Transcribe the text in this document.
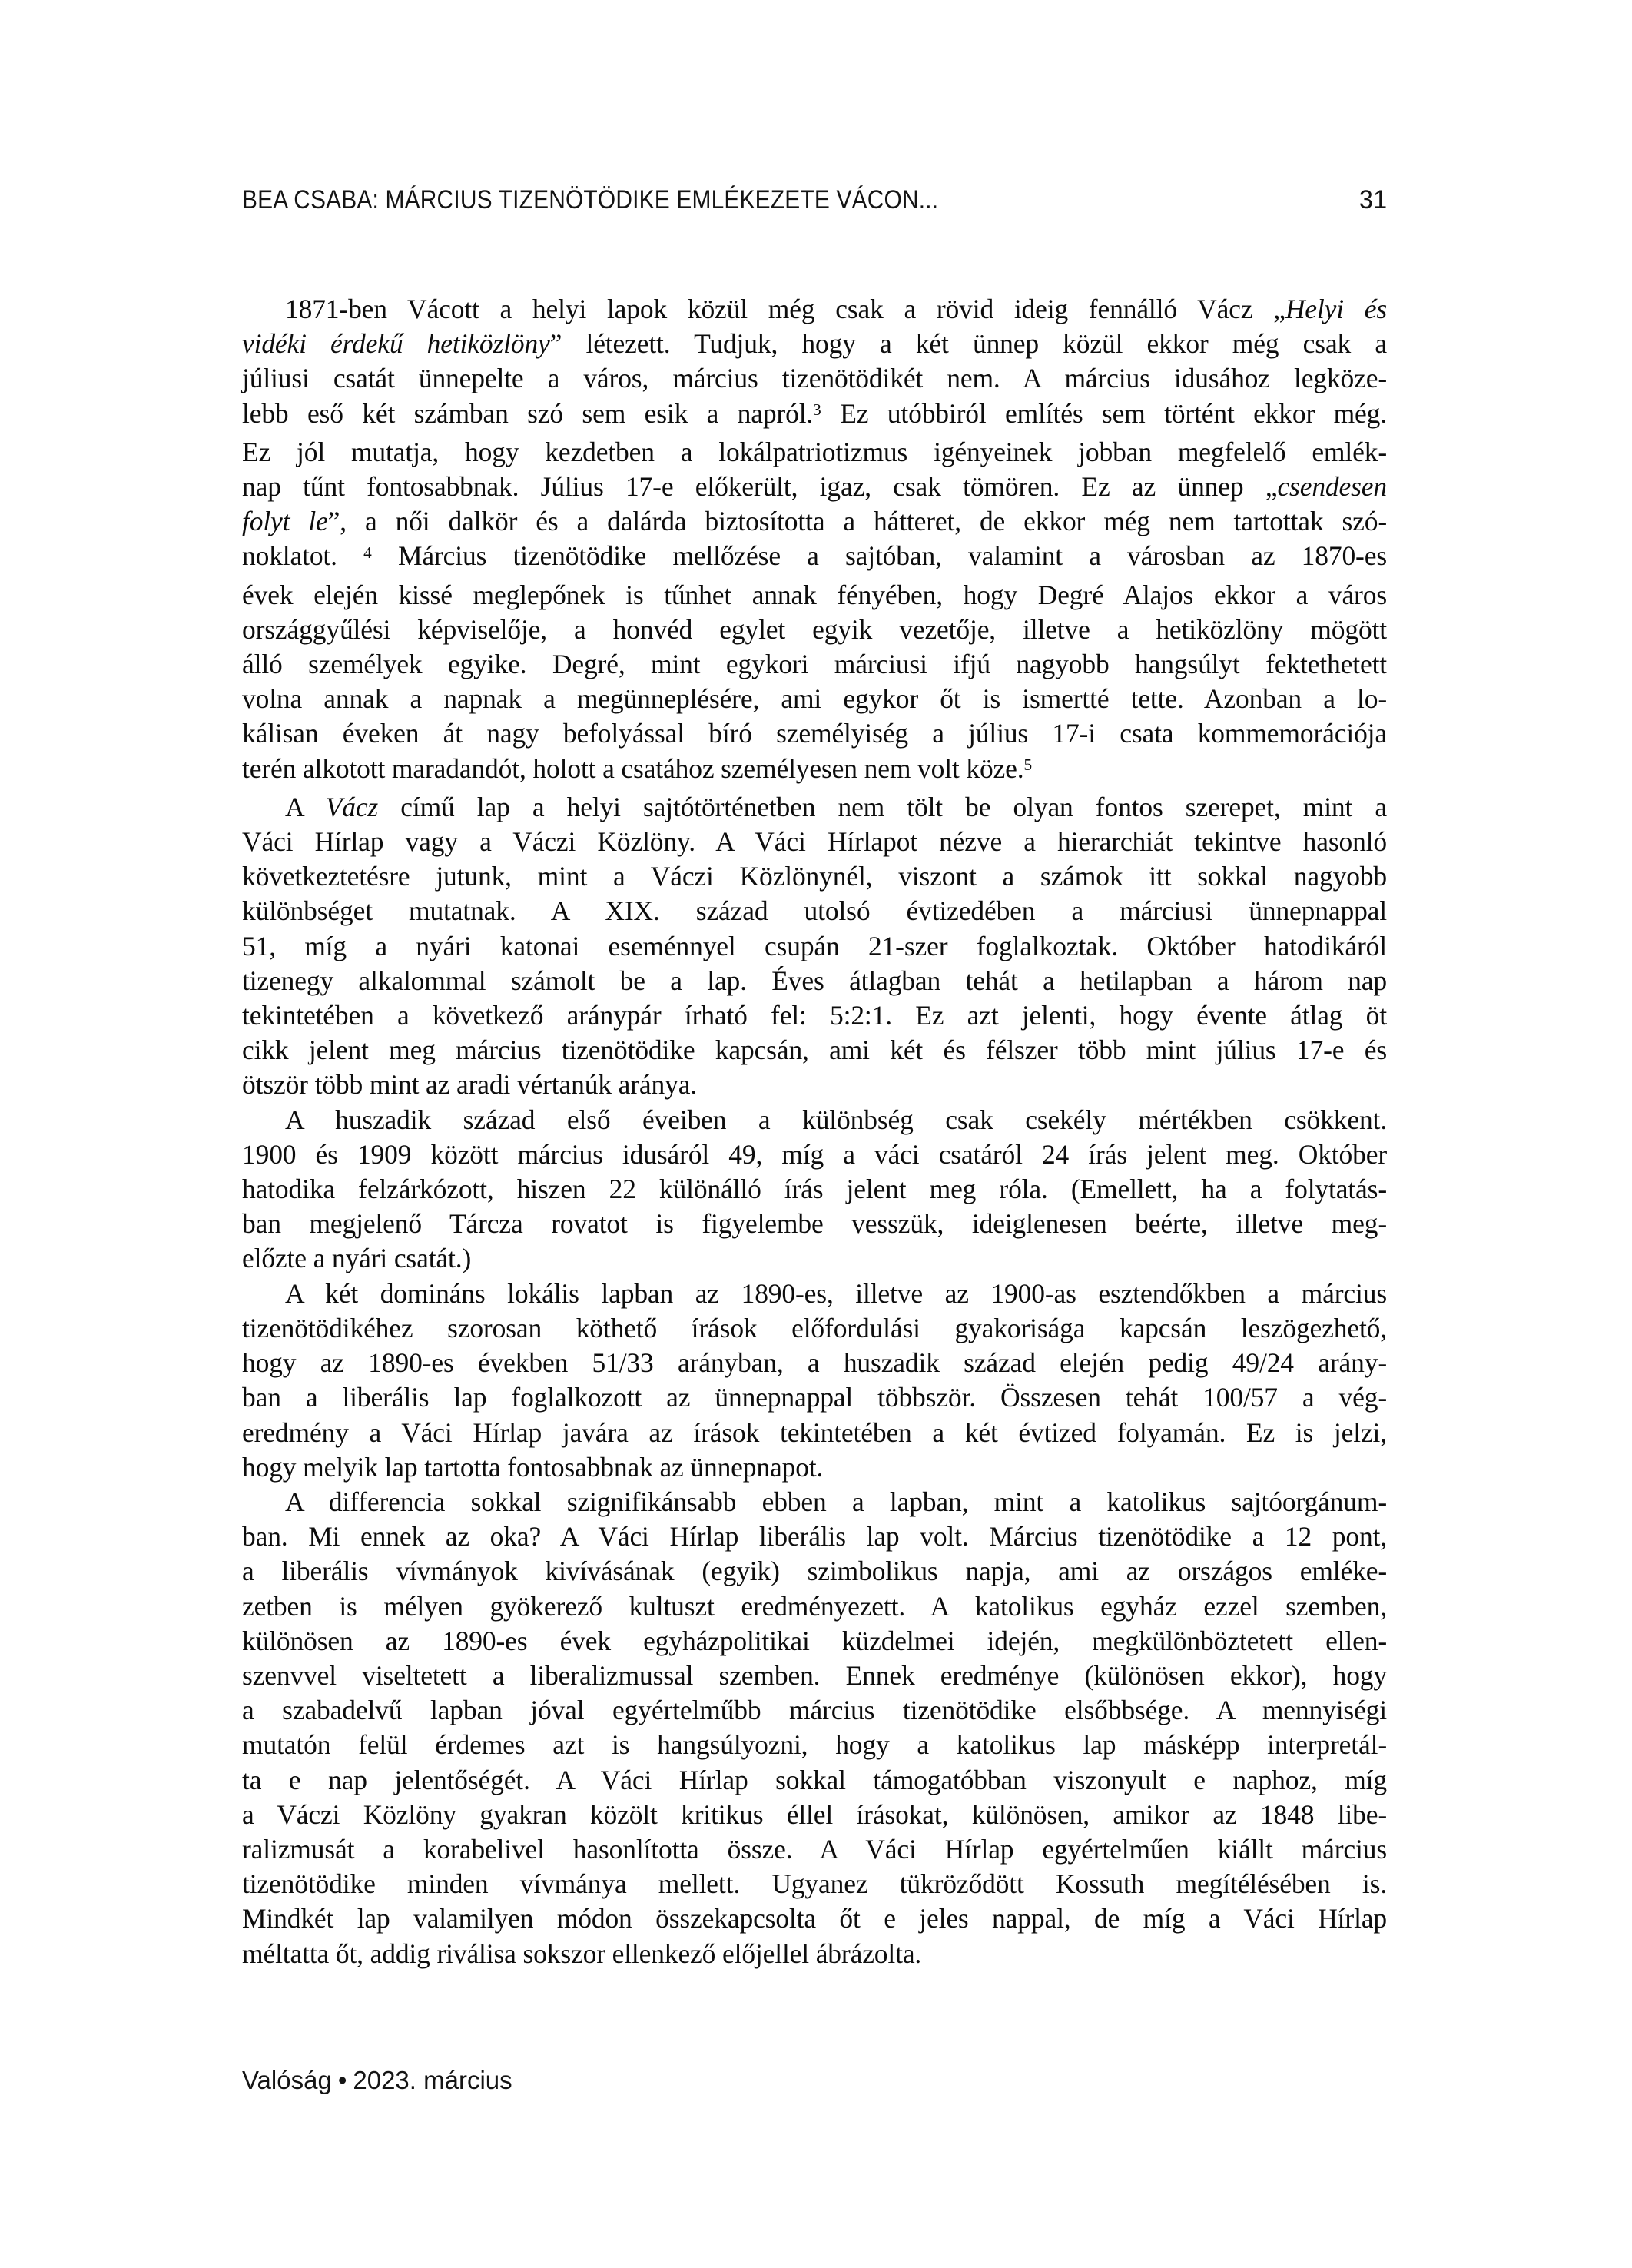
BEA CSABA: MÁRCIUS TIZENÖTÖDIKE EMLÉKEZETE VÁCON...	31
1871-ben Vácott a helyi lapok közül még csak a rövid ideig fennálló Vácz „Helyi és
vidéki érdekű hetiközlöny” létezett. Tudjuk, hogy a két ünnep közül ekkor még csak a
júliusi csatát ünnepelte a város, március tizenötödikét nem. A március idusához legköze-
lebb eső két számban szó sem esik a napról.$^3$ Ez utóbbiról említés sem történt ekkor még.
Ez jól mutatja, hogy kezdetben a lokálpatriotizmus igényeinek jobban megfelelő emlék-
nap tűnt fontosabbnak. Július 17-e előkerült, igaz, csak tömören. Ez az ünnep „csendesen
folyt le”, a női dalkör és a dalárda biztosította a hátteret, de ekkor még nem tartottak szó-
noklatot. $^4$ Március tizenötödike mellőzése a sajtóban, valamint a városban az 1870-es
évek elején kissé meglepőnek is tűnhet annak fényében, hogy Degré Alajos ekkor a város
országgyűlési képviselője, a honvéd egylet egyik vezetője, illetve a hetiközlöny mögött
álló személyek egyike. Degré, mint egykori márciusi ifjú nagyobb hangsúlyt fektethetett
volna annak a napnak a megünneplésére, ami egykor őt is ismertté tette. Azonban a lo-
kálisan éveken át nagy befolyással bíró személyiség a július 17-i csata kommemorációja
terén alkotott maradandót, holott a csatához személyesen nem volt köze.$^5$
A Vácz című lap a helyi sajtótörténetben nem tölt be olyan fontos szerepet, mint a
Váci Hírlap vagy a Váczi Közlöny. A Váci Hírlapot nézve a hierarchiát tekintve hasonló
következtetésre jutunk, mint a Váczi Közlönynél, viszont a számok itt sokkal nagyobb
különbséget mutatnak. A XIX. század utolsó évtizedében a márciusi ünnepnappal
51, míg a nyári katonai eseménnyel csupán 21-szer foglalkoztak. Október hatodikáról
tizenegy alkalommal számolt be a lap. Éves átlagban tehát a hetilapban a három nap
tekintetében a következő aránypár írható fel: 5:2:1. Ez azt jelenti, hogy évente átlag öt
cikk jelent meg március tizenötödike kapcsán, ami két és félszer több mint július 17-e és
ötször több mint az aradi vértanúk aránya.
A huszadik század első éveiben a különbség csak csekély mértékben csökkent.
1900 és 1909 között március idusáról 49, míg a váci csatáról 24 írás jelent meg. Október
hatodika felzárkózott, hiszen 22 különálló írás jelent meg róla. (Emellett, ha a folytatás-
ban megjelenő Tárcza rovatot is figyelembe vesszük, ideiglenesen beérte, illetve meg-
előzte a nyári csatát.)
A két domináns lokális lapban az 1890-es, illetve az 1900-as esztendőkben a március
tizenötödikéhez szorosan köthető írások előfordulási gyakorisága kapcsán leszögezhető,
hogy az 1890-es években 51/33 arányban, a huszadik század elején pedig 49/24 arány-
ban a liberális lap foglalkozott az ünnepnappal többször. Összesen tehát 100/57 a vég-
eredmény a Váci Hírlap javára az írások tekintetében a két évtized folyamán. Ez is jelzi,
hogy melyik lap tartotta fontosabbnak az ünnepnapot.
A differencia sokkal szignifikánsabb ebben a lapban, mint a katolikus sajtóorgánum-
ban. Mi ennek az oka? A Váci Hírlap liberális lap volt. Március tizenötödike a 12 pont,
a liberális vívmányok kivívásának (egyik) szimbolikus napja, ami az országos emléke-
zetben is mélyen gyökerező kultuszt eredményezett. A katolikus egyház ezzel szemben,
különösen az 1890-es évek egyházpolitikai küzdelmei idején, megkülönböztetett ellen-
szenvvel viseltetett a liberalizmussal szemben. Ennek eredménye (különösen ekkor), hogy
a szabadelvű lapban jóval egyértelműbb március tizenötödike elsőbbsége. A mennyiségi
mutatón felül érdemes azt is hangsúlyozni, hogy a katolikus lap másképp interpretál-
ta e nap jelentőségét. A Váci Hírlap sokkal támogatóbban viszonyult e naphoz, míg
a Váczi Közlöny gyakran közölt kritikus éllel írásokat, különösen, amikor az 1848 libe-
ralizmusát a korabelivel hasonlította össze. A Váci Hírlap egyértelműen kiállt március
tizenötödike minden vívmánya mellett. Ugyanez tükröződött Kossuth megítélésében is.
Mindkét lap valamilyen módon összekapcsolta őt e jeles nappal, de míg a Váci Hírlap
méltatta őt, addig riválisa sokszor ellenkező előjellel ábrázolta.
Valóság • 2023. március
